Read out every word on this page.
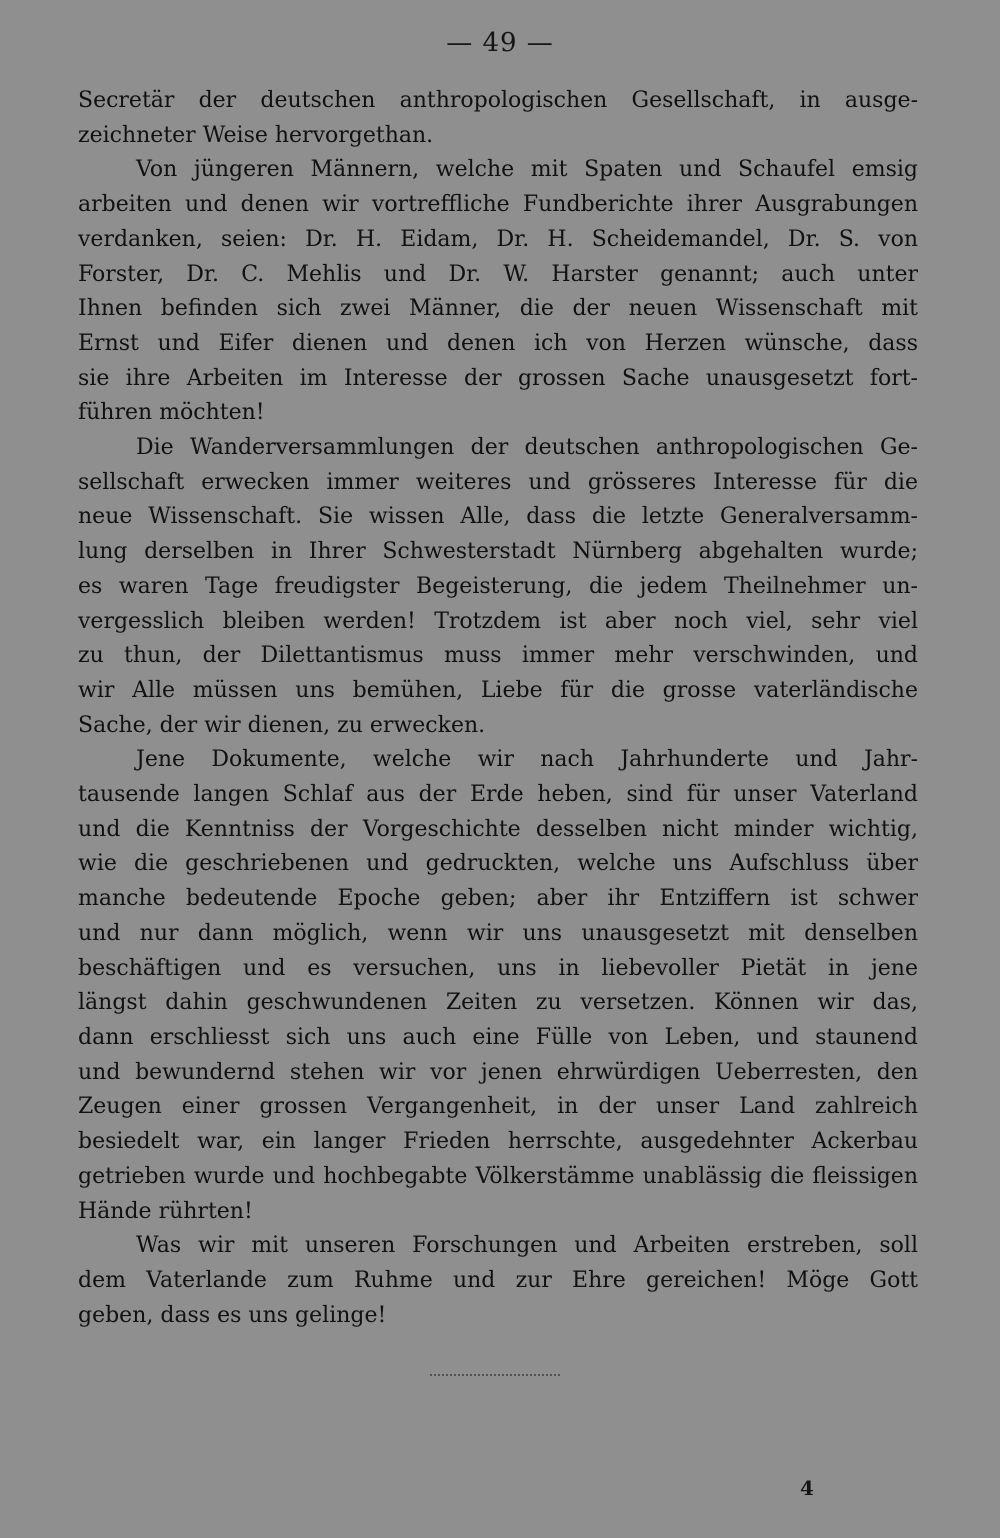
— 49 —
Secretär der deutschen anthropologischen Gesellschaft, in ausge-
zeichneter Weise hervorgethan.
Von jüngeren Männern, welche mit Spaten und Schaufel emsig
arbeiten und denen wir vortreffliche Fundberichte ihrer Ausgrabungen
verdanken, seien: Dr. H. Eidam, Dr. H. Scheidemandel, Dr. S. von
Forster, Dr. C. Mehlis und Dr. W. Harster genannt; auch unter
Ihnen befinden sich zwei Männer, die der neuen Wissenschaft mit
Ernst und Eifer dienen und denen ich von Herzen wünsche, dass
sie ihre Arbeiten im Interesse der grossen Sache unausgesetzt fort-
führen möchten!
Die Wanderversammlungen der deutschen anthropologischen Ge-
sellschaft erwecken immer weiteres und grösseres Interesse für die
neue Wissenschaft. Sie wissen Alle, dass die letzte Generalversamm-
lung derselben in Ihrer Schwesterstadt Nürnberg abgehalten wurde;
es waren Tage freudigster Begeisterung, die jedem Theilnehmer un-
vergesslich bleiben werden! Trotzdem ist aber noch viel, sehr viel
zu thun, der Dilettantismus muss immer mehr verschwinden, und
wir Alle müssen uns bemühen, Liebe für die grosse vaterländische
Sache, der wir dienen, zu erwecken.
Jene Dokumente, welche wir nach Jahrhunderte und Jahr-
tausende langen Schlaf aus der Erde heben, sind für unser Vaterland
und die Kenntniss der Vorgeschichte desselben nicht minder wichtig,
wie die geschriebenen und gedruckten, welche uns Aufschluss über
manche bedeutende Epoche geben; aber ihr Entziffern ist schwer
und nur dann möglich, wenn wir uns unausgesetzt mit denselben
beschäftigen und es versuchen, uns in liebevoller Pietät in jene
längst dahin geschwundenen Zeiten zu versetzen. Können wir das,
dann erschliesst sich uns auch eine Fülle von Leben, und staunend
und bewundernd stehen wir vor jenen ehrwürdigen Ueberresten, den
Zeugen einer grossen Vergangenheit, in der unser Land zahlreich
besiedelt war, ein langer Frieden herrschte, ausgedehnter Ackerbau
getrieben wurde und hochbegabte Völkerstämme unablässig die fleissigen
Hände rührten!
Was wir mit unseren Forschungen und Arbeiten erstreben, soll
dem Vaterlande zum Ruhme und zur Ehre gereichen! Möge Gott
geben, dass es uns gelinge!
4
